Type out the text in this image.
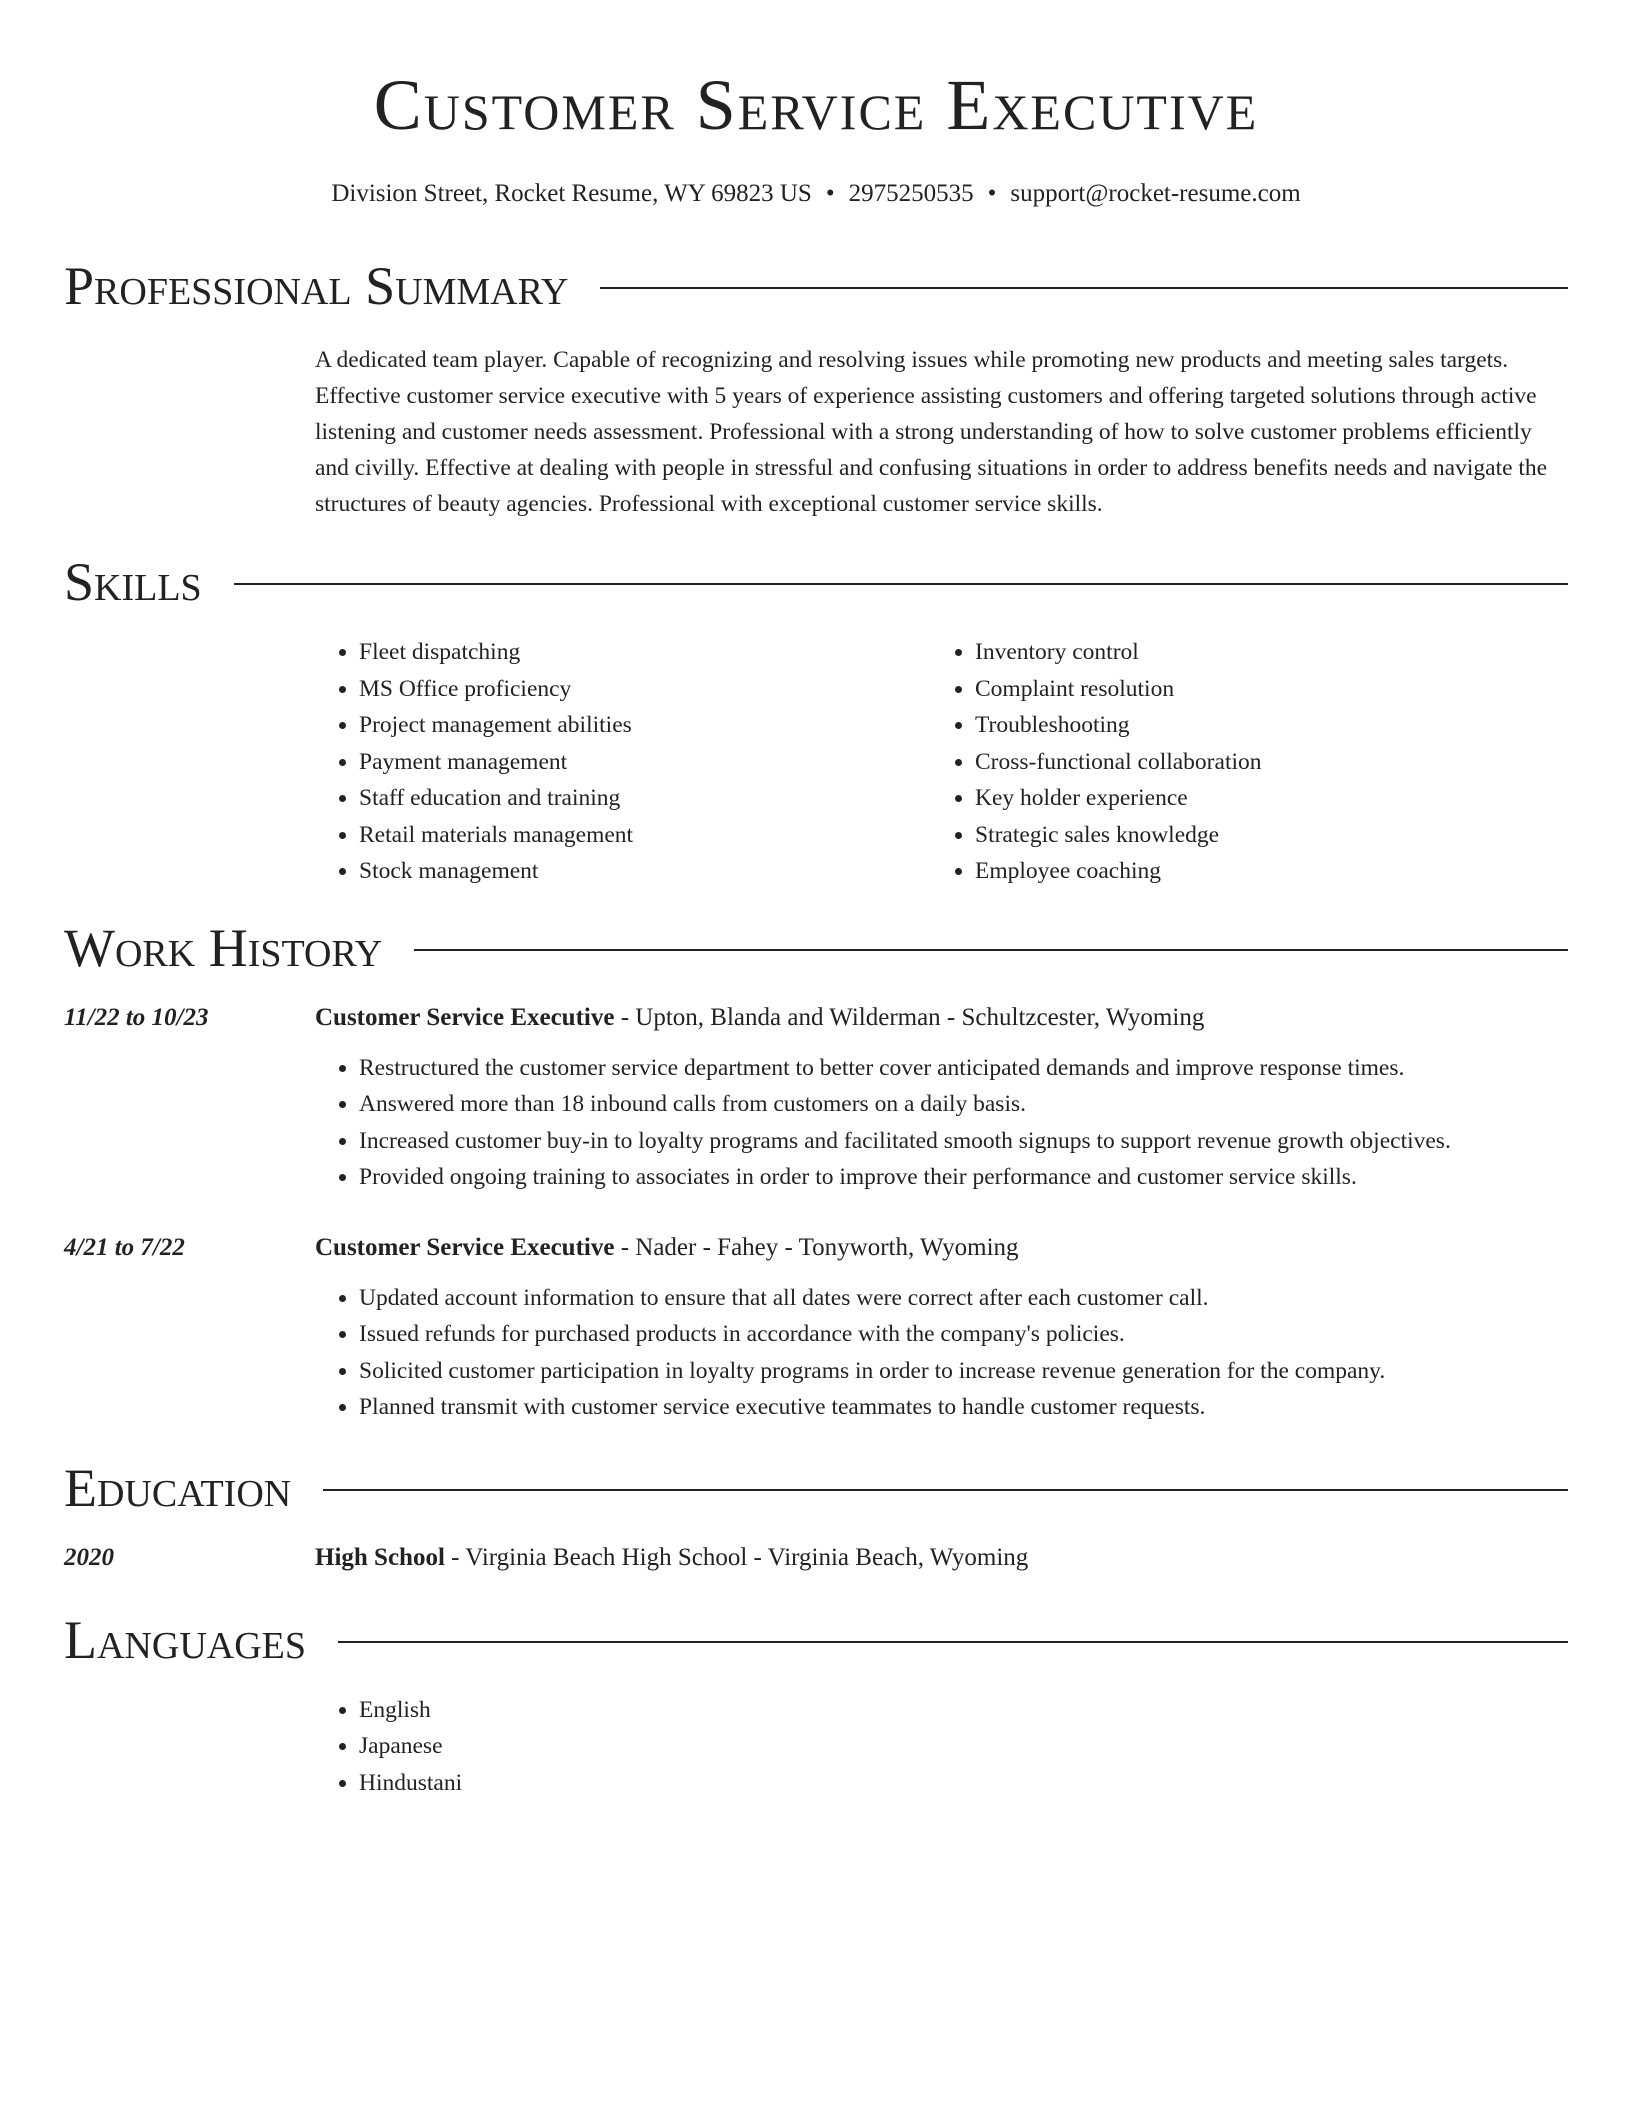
Customer Service Executive
Division Street, Rocket Resume, WY 69823 US • 2975250535 • support@rocket-resume.com
Professional Summary
A dedicated team player. Capable of recognizing and resolving issues while promoting new products and meeting sales targets. Effective customer service executive with 5 years of experience assisting customers and offering targeted solutions through active listening and customer needs assessment. Professional with a strong understanding of how to solve customer problems efficiently and civilly. Effective at dealing with people in stressful and confusing situations in order to address benefits needs and navigate the structures of beauty agencies. Professional with exceptional customer service skills.
Skills
• Fleet dispatching
• MS Office proficiency
• Project management abilities
• Payment management
• Staff education and training
• Retail materials management
• Stock management
• Inventory control
• Complaint resolution
• Troubleshooting
• Cross-functional collaboration
• Key holder experience
• Strategic sales knowledge
• Employee coaching
Work History
11/22 to 10/23	Customer Service Executive - Upton, Blanda and Wilderman - Schultzcester, Wyoming
• Restructured the customer service department to better cover anticipated demands and improve response times.
• Answered more than 18 inbound calls from customers on a daily basis.
• Increased customer buy-in to loyalty programs and facilitated smooth signups to support revenue growth objectives.
• Provided ongoing training to associates in order to improve their performance and customer service skills.
4/21 to 7/22	Customer Service Executive - Nader - Fahey - Tonyworth, Wyoming
• Updated account information to ensure that all dates were correct after each customer call.
• Issued refunds for purchased products in accordance with the company's policies.
• Solicited customer participation in loyalty programs in order to increase revenue generation for the company.
• Planned transmit with customer service executive teammates to handle customer requests.
Education
2020	High School - Virginia Beach High School - Virginia Beach, Wyoming
Languages
• English
• Japanese
• Hindustani
